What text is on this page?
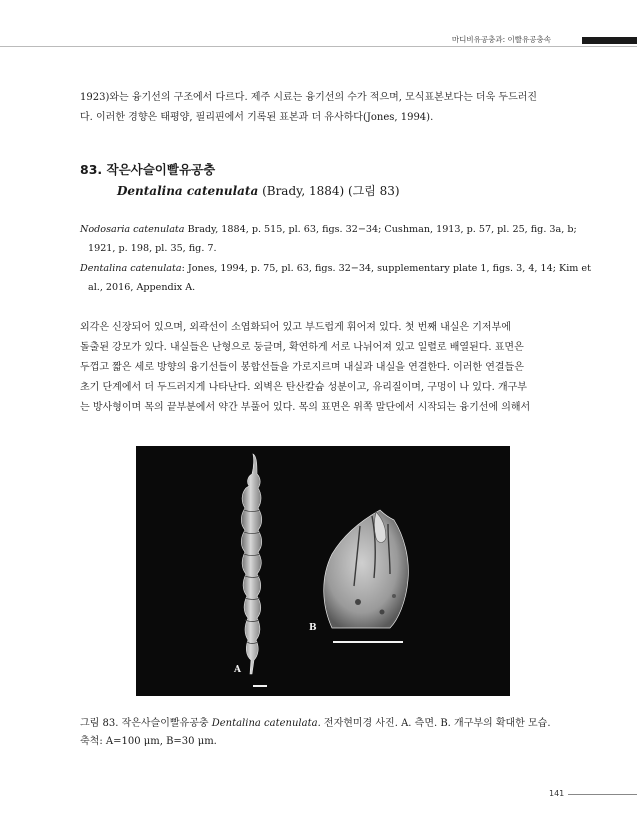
마디비유공충과: 이빨유공충속
1923)와는 융기선의 구조에서 다르다. 제주 시료는 융기선의 수가 적으며, 모식표본보다는 더욱 두드러진
다. 이러한 경향은 태평양, 필리핀에서 기록된 표본과 더 유사하다(Jones, 1994).
83. 작은사슬이빨유공충
Dentalina catenulata (Brady, 1884) (그림 83)
Nodosaria catenulata Brady, 1884, p. 515, pl. 63, figs. 32−34; Cushman, 1913, p. 57, pl. 25, fig. 3a, b;
1921, p. 198, pl. 35, fig. 7.
Dentalina catenulata: Jones, 1994, p. 75, pl. 63, figs. 32−34, supplementary plate 1, figs. 3, 4, 14; Kim et
al., 2016, Appendix A.
외각은 신장되어 있으며, 외곽선이 소엽화되어 있고 부드럽게 휘어져 있다. 첫 번째 내실은 기저부에
돌출된 강모가 있다. 내실들은 난형으로 둥글며, 확연하게 서로 나뉘어져 있고 일렬로 배열된다. 표면은
두껍고 짧은 세로 방향의 융기선들이 봉합선들을 가로지르며 내실과 내실을 연결한다. 이러한 연결들은
초기 단계에서 더 두드러지게 나타난다. 외벽은 탄산칼슘 성분이고, 유리질이며, 구멍이 나 있다. 개구부
는 방사형이며 목의 끝부분에서 약간 부풀어 있다. 목의 표면은 위쪽 말단에서 시작되는 융기선에 의해서
A
B
그림 83. 작은사슬이빨유공충 Dentalina catenulata. 전자현미경 사진. A. 측면. B. 개구부의 확대한 모습.
축척: A=100 μm, B=30 μm.
141
